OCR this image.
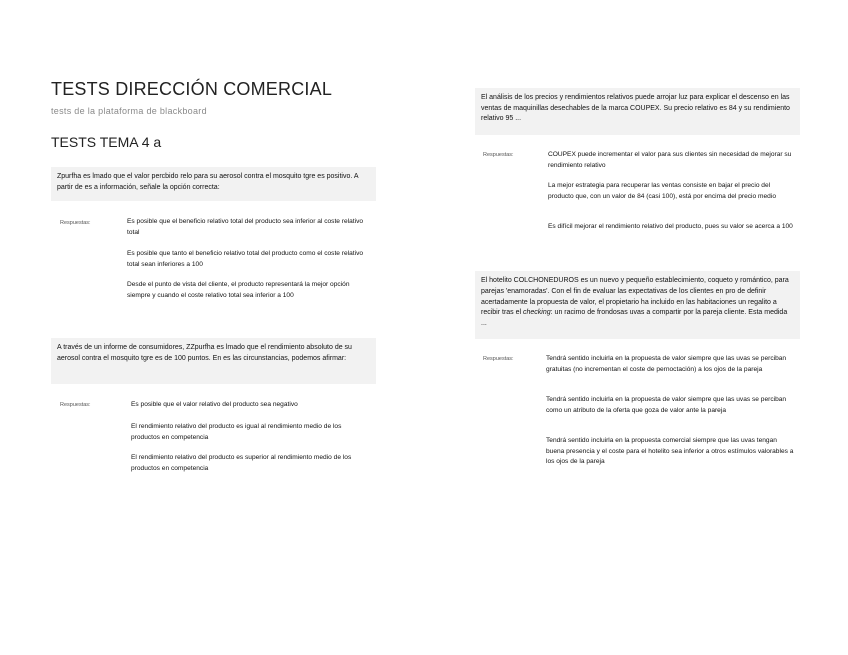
TESTS DIRECCIÓN COMERCIAL
tests de la plataforma de blackboard
TESTS TEMA 4 a
Zpurfha es lmado que el valor percbido relo para su aerosol contra el mosquito tgre es positivo. A partir de es a información, señale la opción correcta:
Respuestas:	Es posible que el beneficio relativo total del producto sea inferior al coste relativo total
Es posible que tanto el beneficio relativo total del producto como el coste relativo total sean inferiores a 100
Desde el punto de vista del cliente, el producto representará la mejor opción siempre y cuando el coste relativo total sea inferior a 100
A través de un informe de consumidores, ZZpurfha es lmado que el rendimiento absoluto de su aerosol contra el mosquito tgre es de 100 puntos. En es las circunstancias, podemos afirmar:
Respuestas:	Es posible que el valor relativo del producto sea negativo
El rendimiento relativo del producto es igual al rendimiento medio de los productos en competencia
El rendimiento relativo del producto es superior al rendimiento medio de los productos en competencia
El análisis de los precios y rendimientos relativos puede arrojar luz para explicar el descenso en las ventas de maquinillas desechables de la marca COUPEX. Su precio relativo es 84 y su rendimiento relativo 95 ...
Respuestas:	COUPEX puede incrementar el valor para sus clientes sin necesidad de mejorar su rendimiento relativo
La mejor estrategia para recuperar las ventas consiste en bajar el precio del producto que, con un valor de 84 (casi 100), está por encima del precio medio
Es difícil mejorar el rendimiento relativo del producto, pues su valor se acerca a 100
El hotelito COLCHONEDUROS es un nuevo y pequeño establecimiento, coqueto y romántico, para parejas 'enamoradas'. Con el fin de evaluar las expectativas de los clientes en pro de definir acertadamente la propuesta de valor, el propietario ha incluido en las habitaciones un regalito a recibir tras el checking: un racimo de frondosas uvas a compartir por la pareja cliente. Esta medida ...
Respuestas:	Tendrá sentido incluirla en la propuesta de valor siempre que las uvas se perciban gratuitas (no incrementan el coste de pernoctación) a los ojos de la pareja
Tendrá sentido incluirla en la propuesta de valor siempre que las uvas se perciban como un atributo de la oferta que goza de valor ante la pareja
Tendrá sentido incluirla en la propuesta comercial siempre que las uvas tengan buena presencia y el coste para el hotelito sea inferior a otros estímulos valorables a los ojos de la pareja
